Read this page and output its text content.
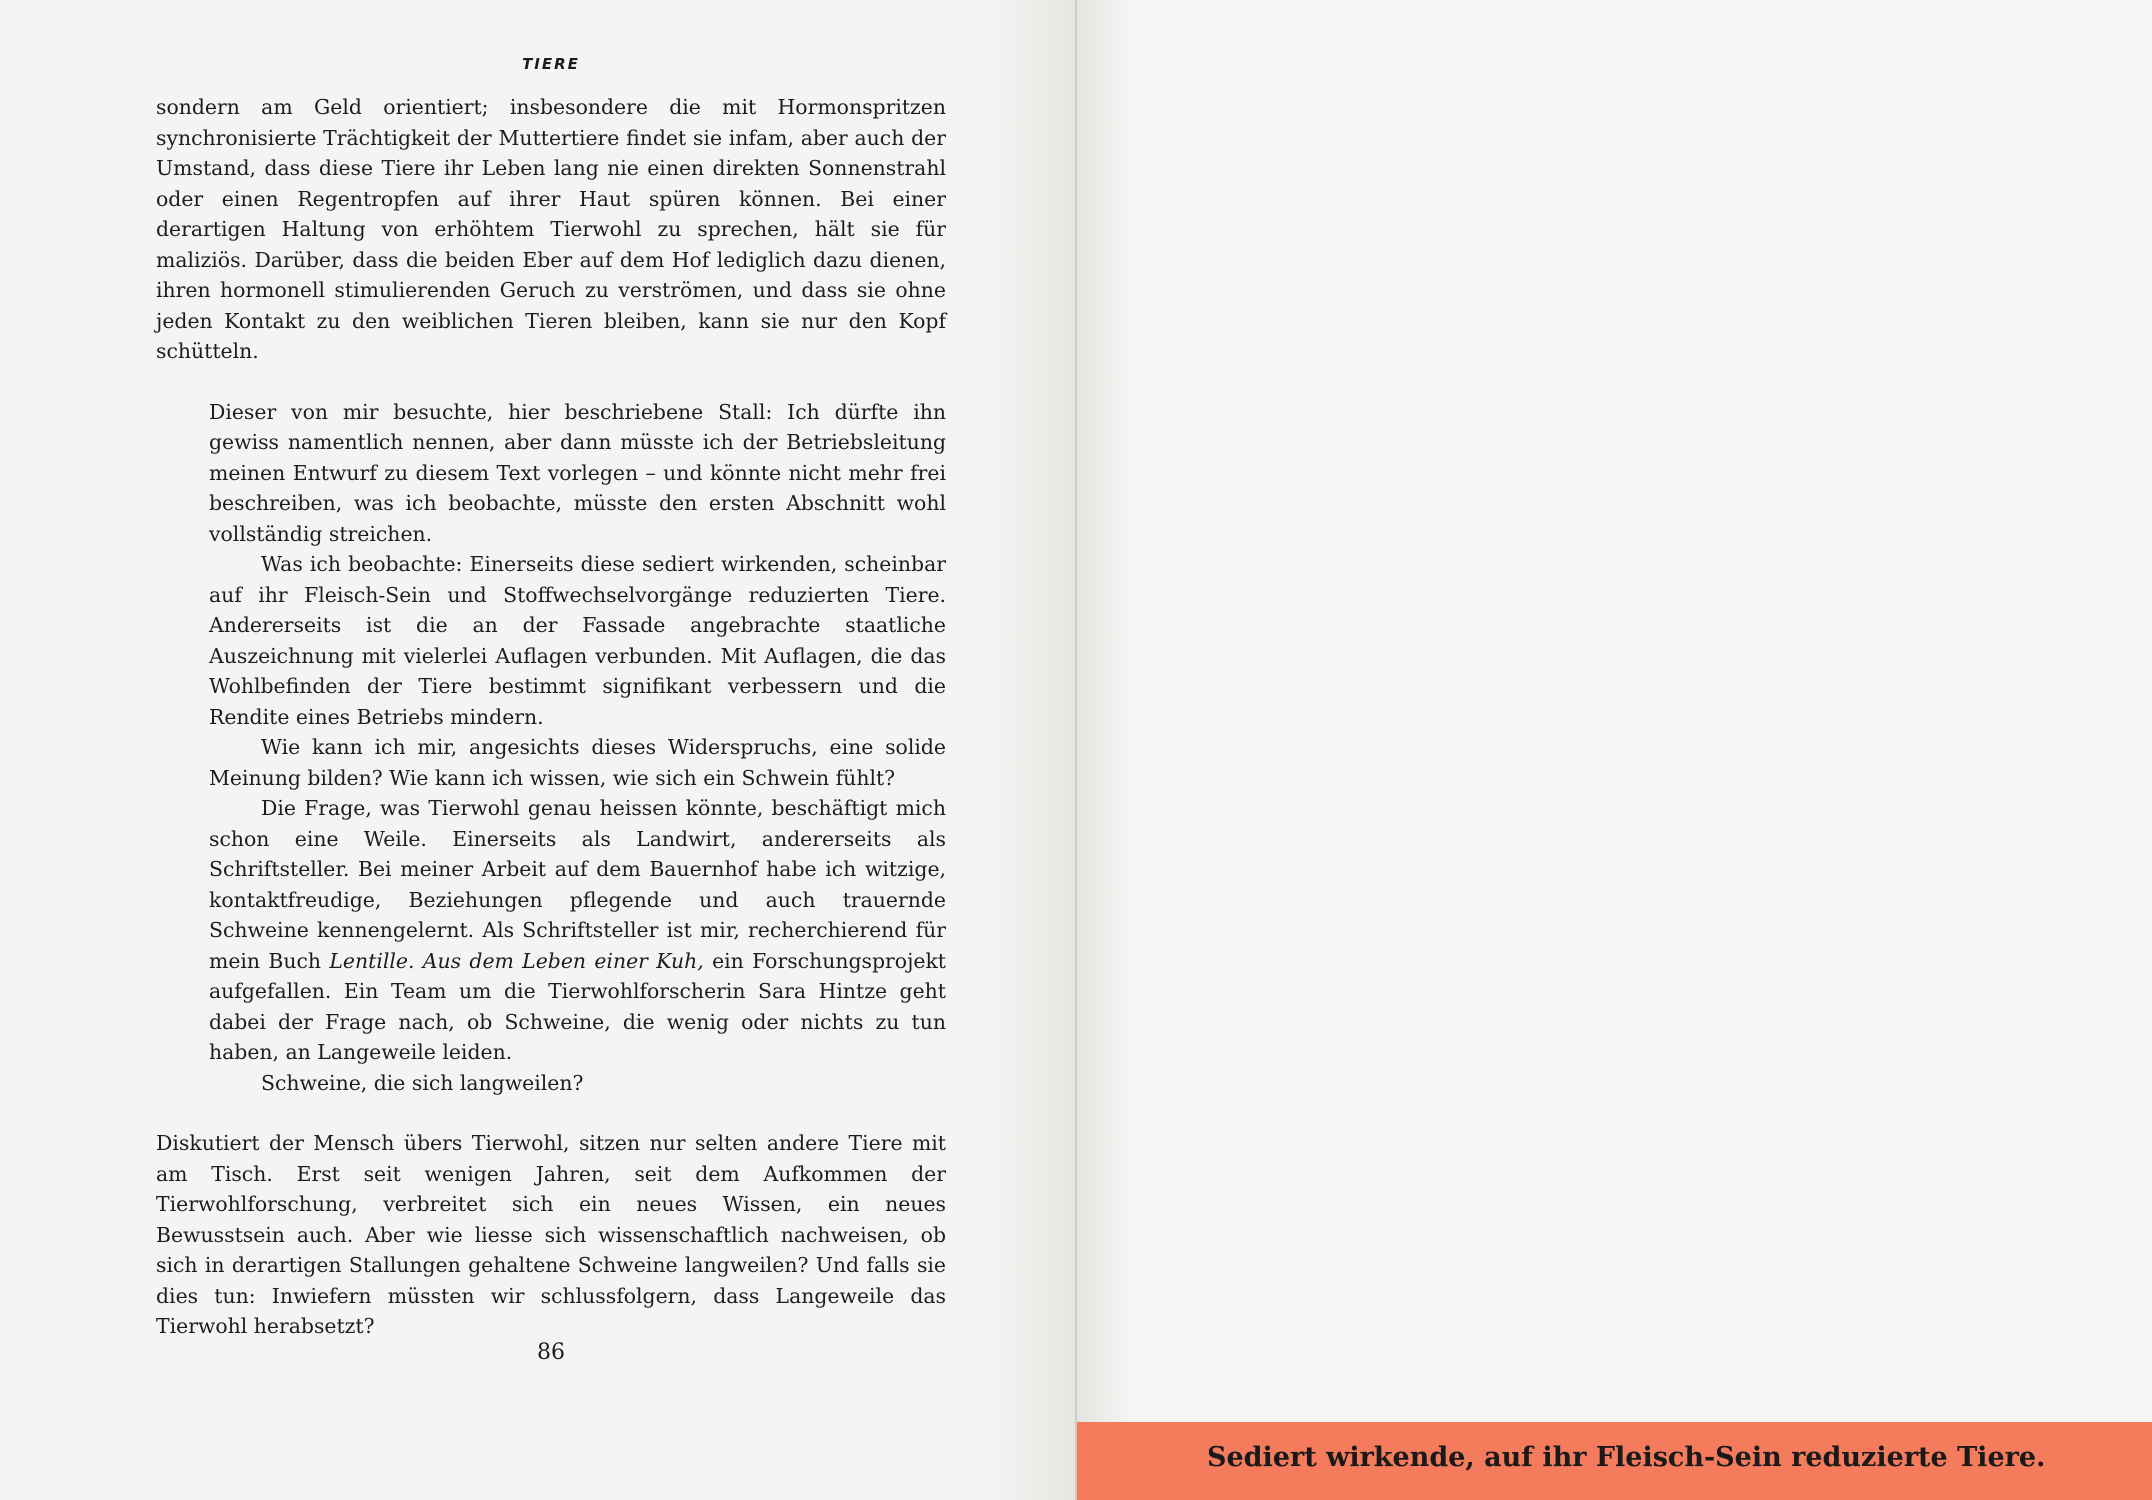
TIERE

sondern am Geld orientiert; insbesondere die mit Hormonspritzen synchronisierte Trächtigkeit der Muttertiere findet sie infam, aber auch der Umstand, dass diese Tiere ihr Leben lang nie einen direkten Sonnenstrahl oder einen Regentropfen auf ihrer Haut spüren können. Bei einer derartigen Haltung von erhöhtem Tierwohl zu sprechen, hält sie für maliziös. Darüber, dass die beiden Eber auf dem Hof lediglich dazu dienen, ihren hormonell stimulierenden Geruch zu verströmen, und dass sie ohne jeden Kontakt zu den weiblichen Tieren bleiben, kann sie nur den Kopf schütteln.

Dieser von mir besuchte, hier beschriebene Stall: Ich dürfte ihn gewiss namentlich nennen, aber dann müsste ich der Betriebsleitung meinen Entwurf zu diesem Text vorlegen – und könnte nicht mehr frei beschreiben, was ich beobachte, müsste den ersten Abschnitt wohl vollständig streichen.

Was ich beobachte: Einerseits diese sediert wirkenden, scheinbar auf ihr Fleisch-Sein und Stoffwechselvorgänge reduzierten Tiere. Andererseits ist die an der Fassade angebrachte staatliche Auszeichnung mit vielerlei Auflagen verbunden. Mit Auflagen, die das Wohlbefinden der Tiere bestimmt signifikant verbessern und die Rendite eines Betriebs mindern.

Wie kann ich mir, angesichts dieses Widerspruchs, eine solide Meinung bilden? Wie kann ich wissen, wie sich ein Schwein fühlt?

Die Frage, was Tierwohl genau heissen könnte, beschäftigt mich schon eine Weile. Einerseits als Landwirt, andererseits als Schriftsteller. Bei meiner Arbeit auf dem Bauernhof habe ich witzige, kontaktfreudige, Beziehungen pflegende und auch trauernde Schweine kennengelernt. Als Schriftsteller ist mir, recherchierend für mein Buch Lentille. Aus dem Leben einer Kuh, ein Forschungsprojekt aufgefallen. Ein Team um die Tierwohlforscherin Sara Hintze geht dabei der Frage nach, ob Schweine, die wenig oder nichts zu tun haben, an Langeweile leiden.

Schweine, die sich langweilen?

Diskutiert der Mensch übers Tierwohl, sitzen nur selten andere Tiere mit am Tisch. Erst seit wenigen Jahren, seit dem Aufkommen der Tierwohlforschung, verbreitet sich ein neues Wissen, ein neues Bewusstsein auch. Aber wie liesse sich wissenschaftlich nachweisen, ob sich in derartigen Stallungen gehaltene Schweine langweilen? Und falls sie dies tun: Inwiefern müssten wir schlussfolgern, dass Langeweile das Tierwohl herabsetzt?

86

Sediert wirkende, auf ihr Fleisch-Sein reduzierte Tiere.
